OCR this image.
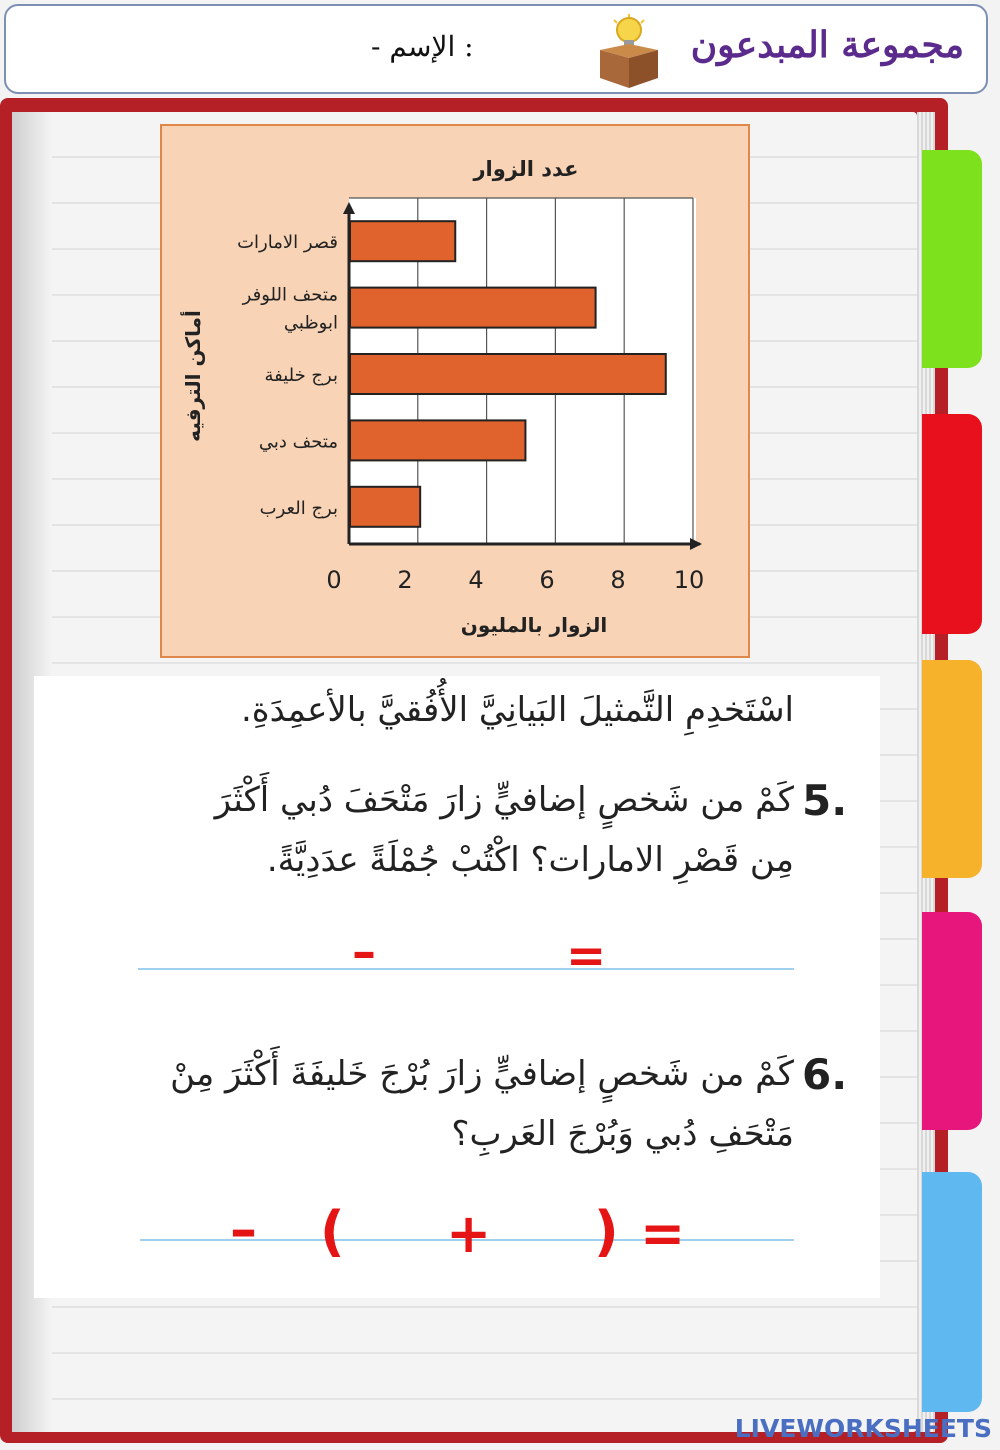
مجموعة المبدعون
- الإسم :
عدد الزوار
قصر الامارات
متحف اللوفر
ابوظبي
برج خليفة
متحف دبي
برج العرب
0 2 4 6 8 10
الزوار بالمليون
أماكن الترفيه
اسْتَخدِمِ التَّمثيلَ البَيانِيَّ الأُفُقيَّ بالأعمِدَةِ.
5.
كَمْ من شَخصٍ إضافيٍّ زارَ مَتْحَفَ دُبي أَكْثَرَ
مِن قَصْرِ الامارات؟ اكْتُبْ جُمْلَةً عدَدِيَّةً.
–	=
6.
كَمْ من شَخصٍ إضافيٍّ زارَ بُرْجَ خَليفَةَ أَكْثَرَ مِنْ
مَتْحَفِ دُبي وَبُرْجَ العَربِ؟
– ( + ) =
LIVEWORKSHEETS
